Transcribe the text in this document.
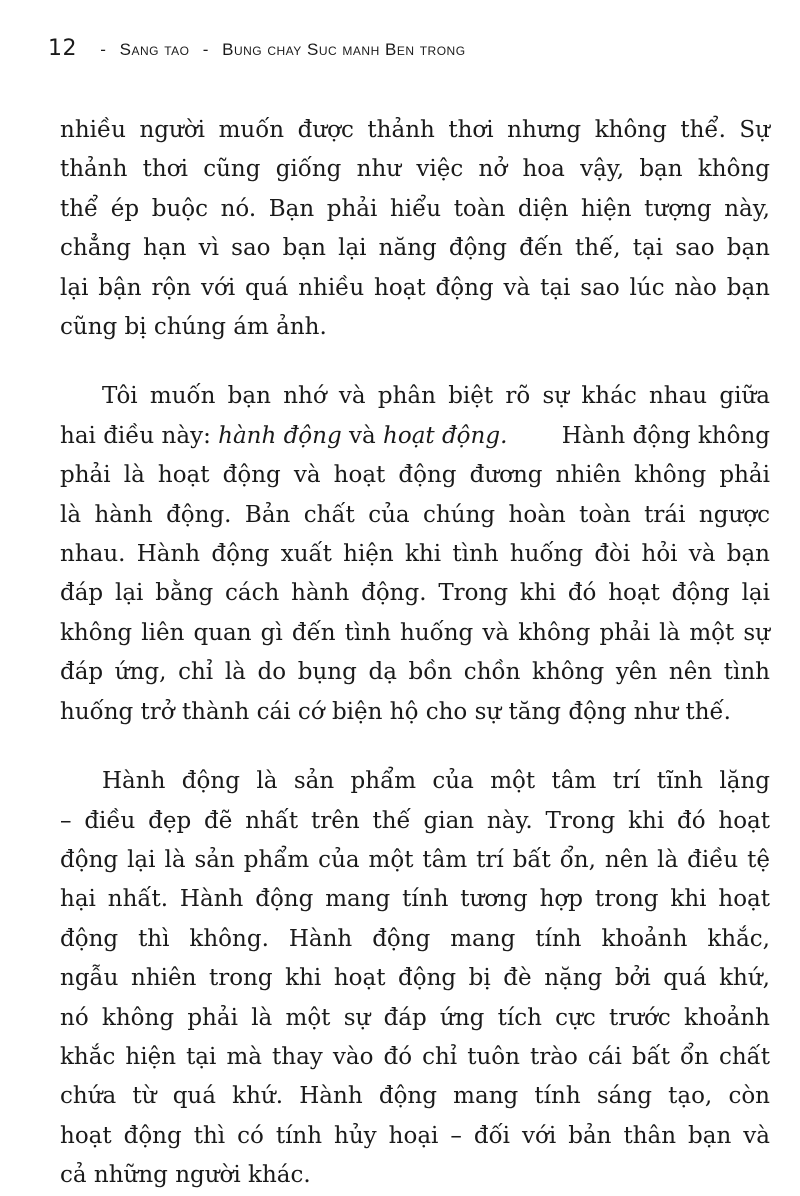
12 - Sang tao - Bung chay Suc manh Ben trong
nhiều người muốn được thảnh thơi nhưng không thể. Sự
thảnh thơi cũng giống như việc nở hoa vậy, bạn không
thể ép buộc nó. Bạn phải hiểu toàn diện hiện tượng này,
chẳng hạn vì sao bạn lại năng động đến thế, tại sao bạn
lại bận rộn với quá nhiều hoạt động và tại sao lúc nào bạn
cũng bị chúng ám ảnh.
Tôi muốn bạn nhớ và phân biệt rõ sự khác nhau giữa
hai điều này: hành động và hoạt động. Hành động không
phải là hoạt động và hoạt động đương nhiên không phải
là hành động. Bản chất của chúng hoàn toàn trái ngược
nhau. Hành động xuất hiện khi tình huống đòi hỏi và bạn
đáp lại bằng cách hành động. Trong khi đó hoạt động lại
không liên quan gì đến tình huống và không phải là một sự
đáp ứng, chỉ là do bụng dạ bồn chồn không yên nên tình
huống trở thành cái cớ biện hộ cho sự tăng động như thế.
Hành động là sản phẩm của một tâm trí tĩnh lặng
– điều đẹp đẽ nhất trên thế gian này. Trong khi đó hoạt
động lại là sản phẩm của một tâm trí bất ổn, nên là điều tệ
hại nhất. Hành động mang tính tương hợp trong khi hoạt
động thì không. Hành động mang tính khoảnh khắc,
ngẫu nhiên trong khi hoạt động bị đè nặng bởi quá khứ,
nó không phải là một sự đáp ứng tích cực trước khoảnh
khắc hiện tại mà thay vào đó chỉ tuôn trào cái bất ổn chất
chứa từ quá khứ. Hành động mang tính sáng tạo, còn
hoạt động thì có tính hủy hoại – đối với bản thân bạn và
cả những người khác.
